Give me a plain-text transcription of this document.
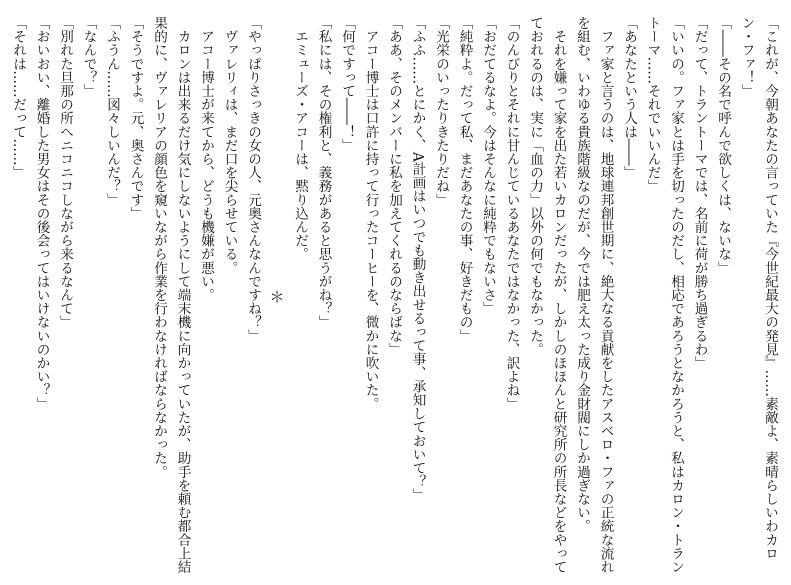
「これが、今朝あなたの言っていた『今世紀最大の発見』……素敵よ、素晴らしいわカロン・ファ！」

「――その名で呼んで欲しくは、ないな」

「だって、トラントーマでは、名前に荷が勝ち過ぎるわ」

「いいの。ファ家とは手を切ったのだし、相応であろうとなかろうと、私はカロン・トラントーマ……それでいいんだ」

「あなたという人は――」

　ファ家と言うのは、地球連邦創世期に、絶大なる貢献をしたアスベロ・ファの正統な流れを組む、いわゆる貴族階級なのだが、今では肥え太った成り金財閥にしか過ぎない。

　それを嫌って家を出た若いカロンだったが、しかしのほほんと研究所の所長などをやってておれるのは、実に「血の力」以外の何でもなかった。

「のんびりとそれに甘んじているあなたではなかった、訳よね」

「おだてるなよ。今はそんなに純粋でもないさ」

「純粋よ。だって私、まだあなたの事、好きだもの」

「光栄のいったりきたりだね」

「ふふ……とにかく、A計画はいつでも動き出せるって事、承知しておいて？」

「ああ、そのメンバーに私を加えてくれるのならばな」

　アコー博士は口許に持って行ったコーヒーを、微かに吹いた。

「何ですって――！」

「私には、その権利と、義務があると思うがね？」

　エミューズ・アコーは、黙り込んだ。

＊

「やっぱりさっきの女の人、元奥さんなんですね？」

　ヴァレリィは、まだ口を尖らせている。

　アコー博士が来てから、どうも機嫌が悪い。

　カロンは出来るだけ気にしないようにして端末機に向かっていたが、助手を頼む都合上結果的に、ヴァレリアの顔色を窺いながら作業を行わなければならなかった。

「そうですよ。元、奥さんです」

「ふうん……図々しいんだ？」

「なんで？」

「別れた旦那の所へニコニコしながら来るなんて」

「おいおい、離婚した男女はその後会ってはいけないのかい？」

「それは……だって……」
